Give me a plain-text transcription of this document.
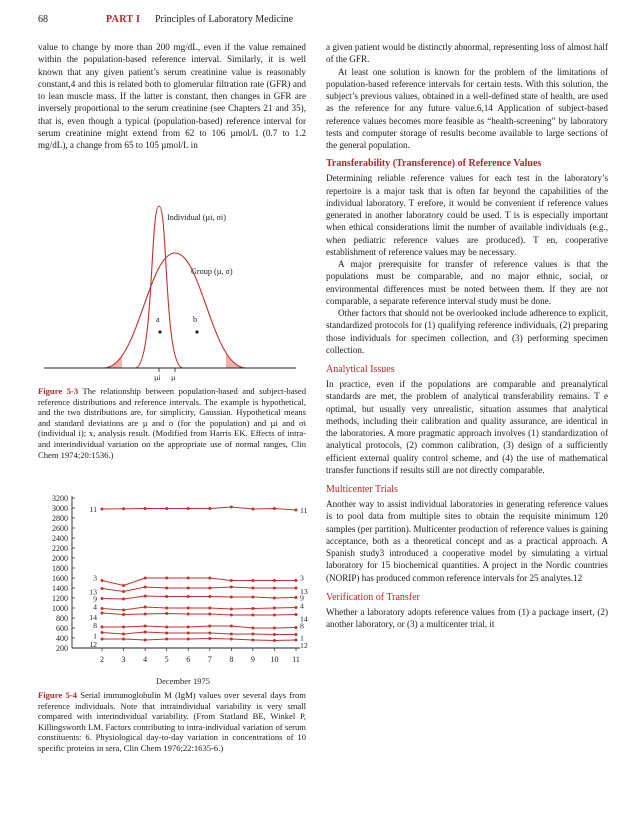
68	PART I Principles of Laboratory Medicine

value to change by more than 200 mg/dL, even if the value remained within the population-based reference interval. Similarly, it is well known that any given patient’s serum creatinine value is reasonably constant,4 and this is related both to glomerular filtration rate (GFR) and to lean muscle mass. If the latter is constant, then changes in GFR are inversely proportional to the serum creatinine (see Chapters 21 and 35), that is, even though a typical (population-based) reference interval for serum creatinine might extend from 62 to 106 µmol/L (0.7 to 1.2 mg/dL), a change from 65 to 105 µmol/L in

Individual (µi, σi)
Group (µ, σ)
a	b
µi µ

Figure 5-3 The relationship between population-based and subject-based reference distributions and reference intervals. The example is hypothetical, and the two distributions are, for simplicity, Gaussian. Hypothetical means and standard deviations are µ and σ (for the population) and µi and σi (individual i); x, analysis result. (Modified from Harris EK. Effects of intra- and interindividual variation on the appropriate use of normal ranges, Clin Chem 1974;20:1536.)

3200
3000
2800
2600
2400
2200
2000
1800
1600
1400
1200
1000
800
600
400
200
2 3 4 5 6 7 8 9 10 11
11	11
3	3
13	13
9	9
4	4
14	14
8	8
1	1
12	12
December 1975

Figure 5-4 Serial immunoglobulin M (IgM) values over several days from reference individuals. Note that intraindividual variability is very small compared with interindividual variability. (From Statland BE, Winkel P, Killingsworth LM. Factors contributing to intra-individual variation of serum constituents: 6. Physiological day-to-day variation in concentrations of 10 specific proteins in sera, Clin Chem 1976;22:1635-6.)

a given patient would be distinctly abnormal, representing loss of almost half of the GFR.

At least one solution is known for the problem of the limitations of population-based reference intervals for certain tests. With this solution, the subject’s previous values, obtained in a well-defined state of health, are used as the reference for any future value.6,14 Application of subject-based reference values becomes more feasible as “health-screening” by laboratory tests and computer storage of results become available to large sections of the general population.

Transferability (Transference) of Reference Values

Determining reliable reference values for each test in the laboratory’s repertoire is a major task that is often far beyond the capabilities of the individual laboratory. T erefore, it would be convenient if reference values generated in another laboratory could be used. T is is especially important when ethical considerations limit the number of available individuals (e.g., when pediatric reference values are produced). T en, cooperative establishment of reference values may be necessary.

A major prerequisite for transfer of reference values is that the populations must be comparable, and no major ethnic, social, or environmental differences must be noted between them. If they are not comparable, a separate reference interval study must be done.

Other factors that should not be overlooked include adherence to explicit, standardized protocols for (1) qualifying reference individuals, (2) preparing those individuals for specimen collection, and (3) performing specimen collection.

Analytical Issues

In practice, even if the populations are comparable and preanalytical standards are met, the problem of analytical transferability remains. T e optimal, but usually very unrealistic, situation assumes that analytical methods, including their calibration and quality assurance, are identical in the laboratories. A more pragmatic approach involves (1) standardization of analytical protocols, (2) common calibration, (3) design of a sufficiently efficient external quality control scheme, and (4) the use of mathematical transfer functions if results still are not directly comparable.

Multicenter Trials

Another way to assist individual laboratories in generating reference values is to pool data from multiple sites to obtain the requisite minimum 120 samples (per partition). Multicenter production of reference values is gaining acceptance, both as a theoretical concept and as a practical approach. A Spanish study3 introduced a cooperative model by simulating a virtual laboratory for 15 biochemical quantities. A project in the Nordic countries (NORIP) has produced common reference intervals for 25 analytes.12

Verification of Transfer

Whether a laboratory adopts reference values from (1) a package insert, (2) another laboratory, or (3) a multicenter trial, it
